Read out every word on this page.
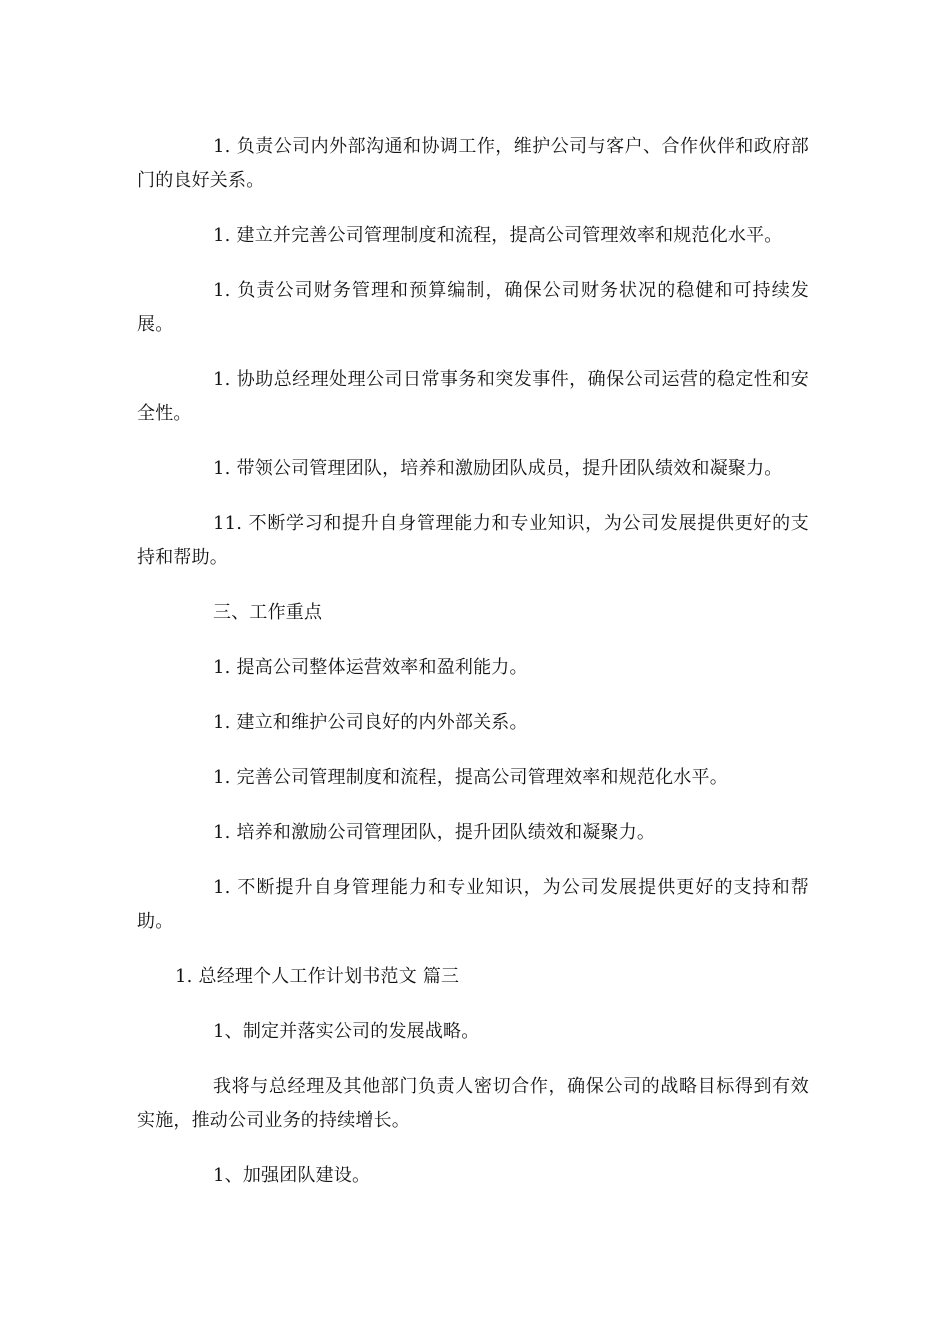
1. 负责公司内外部沟通和协调工作，维护公司与客户、合作伙伴和政府部门的良好关系。

1. 建立并完善公司管理制度和流程，提高公司管理效率和规范化水平。

1. 负责公司财务管理和预算编制，确保公司财务状况的稳健和可持续发展。

1. 协助总经理处理公司日常事务和突发事件，确保公司运营的稳定性和安全性。

1. 带领公司管理团队，培养和激励团队成员，提升团队绩效和凝聚力。

11. 不断学习和提升自身管理能力和专业知识，为公司发展提供更好的支持和帮助。

三、工作重点

1. 提高公司整体运营效率和盈利能力。

1. 建立和维护公司良好的内外部关系。

1. 完善公司管理制度和流程，提高公司管理效率和规范化水平。

1. 培养和激励公司管理团队，提升团队绩效和凝聚力。

1. 不断提升自身管理能力和专业知识，为公司发展提供更好的支持和帮助。

1. 总经理个人工作计划书范文 篇三

1、制定并落实公司的发展战略。

我将与总经理及其他部门负责人密切合作，确保公司的战略目标得到有效实施，推动公司业务的持续增长。

1、加强团队建设。
